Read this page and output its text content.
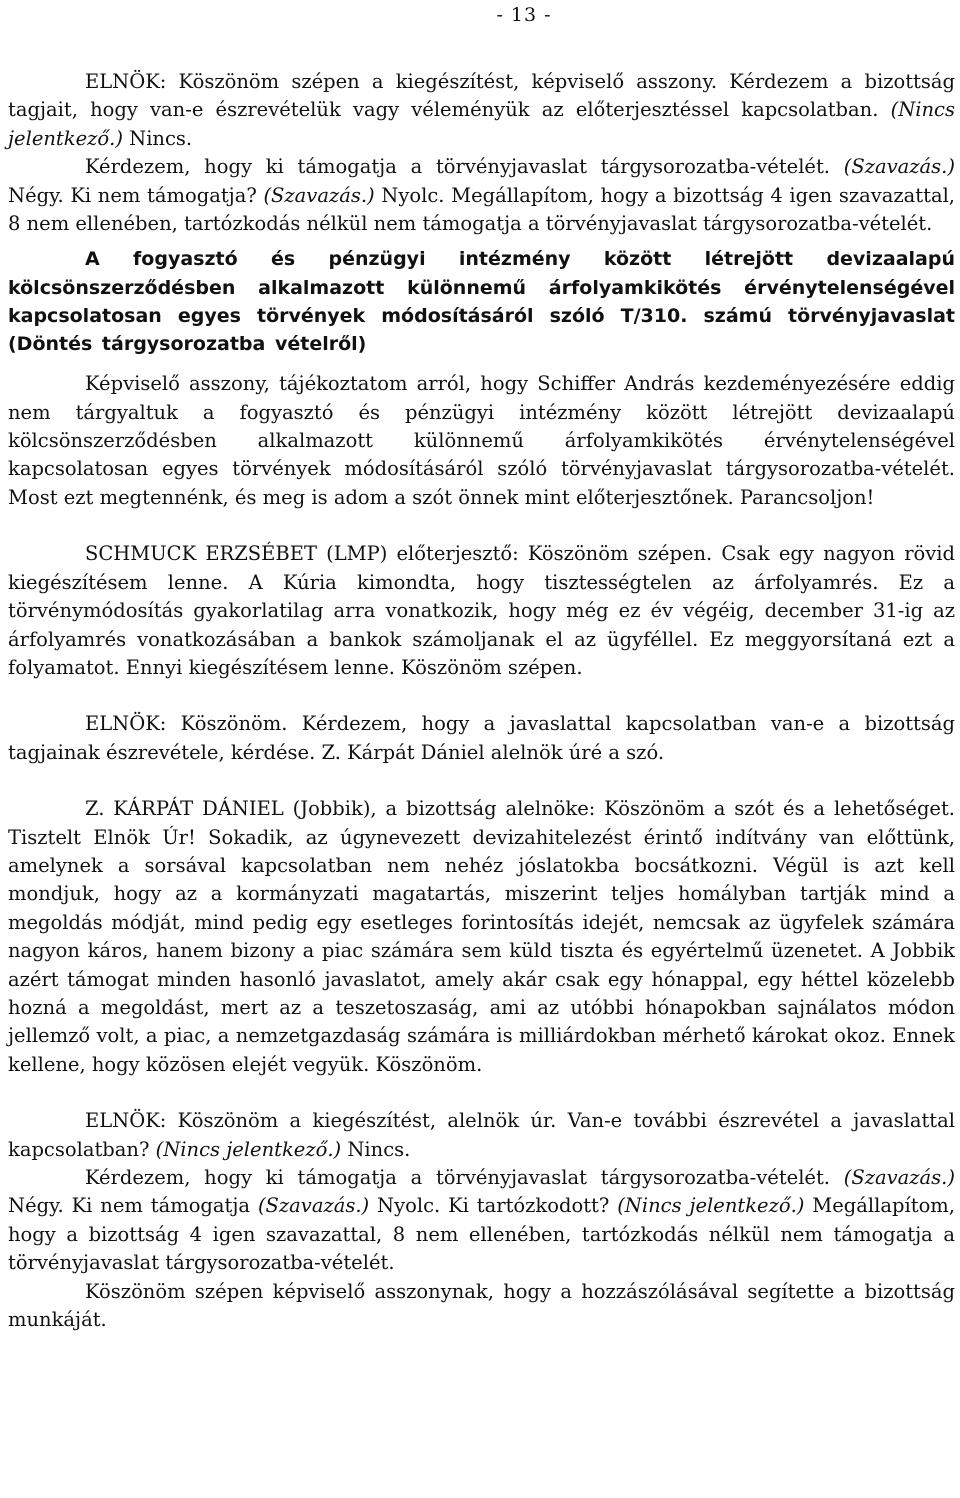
- 13 -

ELNÖK: Köszönöm szépen a kiegészítést, képviselő asszony. Kérdezem a bizottság tagjait, hogy van-e észrevételük vagy véleményük az előterjesztéssel kapcsolatban. (Nincs jelentkező.) Nincs.

Kérdezem, hogy ki támogatja a törvényjavaslat tárgysorozatba-vételét. (Szavazás.) Négy. Ki nem támogatja? (Szavazás.) Nyolc. Megállapítom, hogy a bizottság 4 igen szavazattal, 8 nem ellenében, tartózkodás nélkül nem támogatja a törvényjavaslat tárgysorozatba-vételét.

A fogyasztó és pénzügyi intézmény között létrejött devizaalapú kölcsönszerződésben alkalmazott különnemű árfolyamkikötés érvénytelenségével kapcsolatosan egyes törvények módosításáról szóló T/310. számú törvényjavaslat (Döntés tárgysorozatba vételről)

Képviselő asszony, tájékoztatom arról, hogy Schiffer András kezdeményezésére eddig nem tárgyaltuk a fogyasztó és pénzügyi intézmény között létrejött devizaalapú kölcsönszerződésben alkalmazott különnemű árfolyamkikötés érvénytelenségével kapcsolatosan egyes törvények módosításáról szóló törvényjavaslat tárgysorozatba-vételét. Most ezt megtennénk, és meg is adom a szót önnek mint előterjesztőnek. Parancsoljon!

SCHMUCK ERZSÉBET (LMP) előterjesztő: Köszönöm szépen. Csak egy nagyon rövid kiegészítésem lenne. A Kúria kimondta, hogy tisztességtelen az árfolyamrés. Ez a törvénymódosítás gyakorlatilag arra vonatkozik, hogy még ez év végéig, december 31-ig az árfolyamrés vonatkozásában a bankok számoljanak el az ügyféllel. Ez meggyorsítaná ezt a folyamatot. Ennyi kiegészítésem lenne. Köszönöm szépen.

ELNÖK: Köszönöm. Kérdezem, hogy a javaslattal kapcsolatban van-e a bizottság tagjainak észrevétele, kérdése. Z. Kárpát Dániel alelnök úré a szó.

Z. KÁRPÁT DÁNIEL (Jobbik), a bizottság alelnöke: Köszönöm a szót és a lehetőséget. Tisztelt Elnök Úr! Sokadik, az úgynevezett devizahitelezést érintő indítvány van előttünk, amelynek a sorsával kapcsolatban nem nehéz jóslatokba bocsátkozni. Végül is azt kell mondjuk, hogy az a kormányzati magatartás, miszerint teljes homályban tartják mind a megoldás módját, mind pedig egy esetleges forintosítás idejét, nemcsak az ügyfelek számára nagyon káros, hanem bizony a piac számára sem küld tiszta és egyértelmű üzenetet. A Jobbik azért támogat minden hasonló javaslatot, amely akár csak egy hónappal, egy héttel közelebb hozná a megoldást, mert az a teszetoszaság, ami az utóbbi hónapokban sajnálatos módon jellemző volt, a piac, a nemzetgazdaság számára is milliárdokban mérhető károkat okoz. Ennek kellene, hogy közösen elejét vegyük. Köszönöm.

ELNÖK: Köszönöm a kiegészítést, alelnök úr. Van-e további észrevétel a javaslattal kapcsolatban? (Nincs jelentkező.) Nincs.

Kérdezem, hogy ki támogatja a törvényjavaslat tárgysorozatba-vételét. (Szavazás.) Négy. Ki nem támogatja (Szavazás.) Nyolc. Ki tartózkodott? (Nincs jelentkező.) Megállapítom, hogy a bizottság 4 igen szavazattal, 8 nem ellenében, tartózkodás nélkül nem támogatja a törvényjavaslat tárgysorozatba-vételét.

Köszönöm szépen képviselő asszonynak, hogy a hozzászólásával segítette a bizottság munkáját.
